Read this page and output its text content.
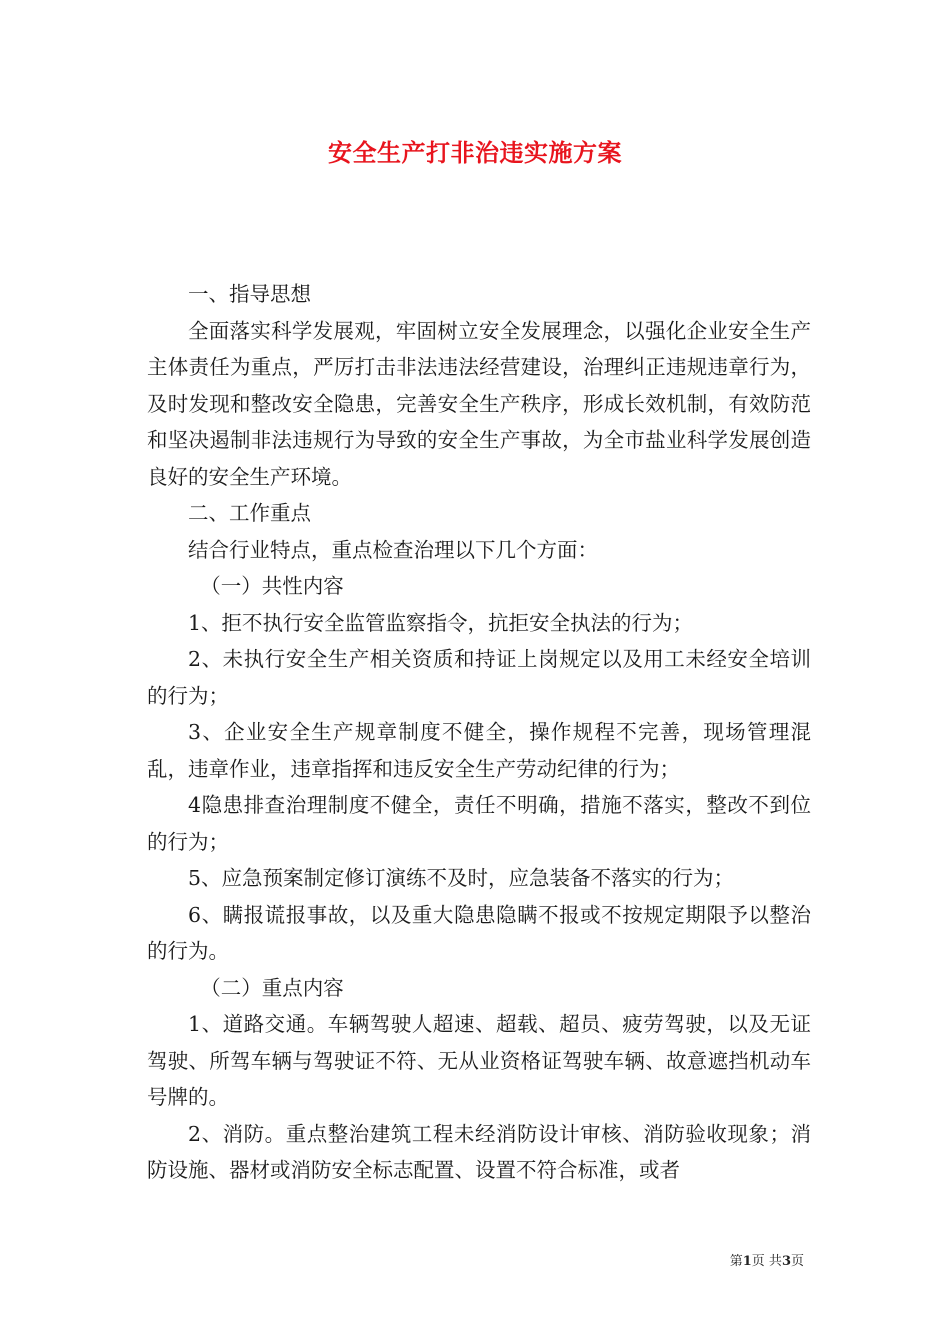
安全生产打非治违实施方案

一、指导思想

全面落实科学发展观，牢固树立安全发展理念，以强化企业安全生产主体责任为重点，严厉打击非法违法经营建设，治理纠正违规违章行为，及时发现和整改安全隐患，完善安全生产秩序，形成长效机制，有效防范和坚决遏制非法违规行为导致的安全生产事故，为全市盐业科学发展创造良好的安全生产环境。

二、工作重点

结合行业特点，重点检查治理以下几个方面：

（一）共性内容

1、拒不执行安全监管监察指令，抗拒安全执法的行为；

2、未执行安全生产相关资质和持证上岗规定以及用工未经安全培训的行为；

3、企业安全生产规章制度不健全，操作规程不完善，现场管理混乱，违章作业，违章指挥和违反安全生产劳动纪律的行为；

4隐患排查治理制度不健全，责任不明确，措施不落实，整改不到位的行为；

5、应急预案制定修订演练不及时，应急装备不落实的行为；

6、瞒报谎报事故，以及重大隐患隐瞒不报或不按规定期限予以整治的行为。

（二）重点内容

1、道路交通。车辆驾驶人超速、超载、超员、疲劳驾驶，以及无证驾驶、所驾车辆与驾驶证不符、无从业资格证驾驶车辆、故意遮挡机动车号牌的。

2、消防。重点整治建筑工程未经消防设计审核、消防验收现象；消防设施、器材或消防安全标志配置、设置不符合标准，或者

第1页 共3页
